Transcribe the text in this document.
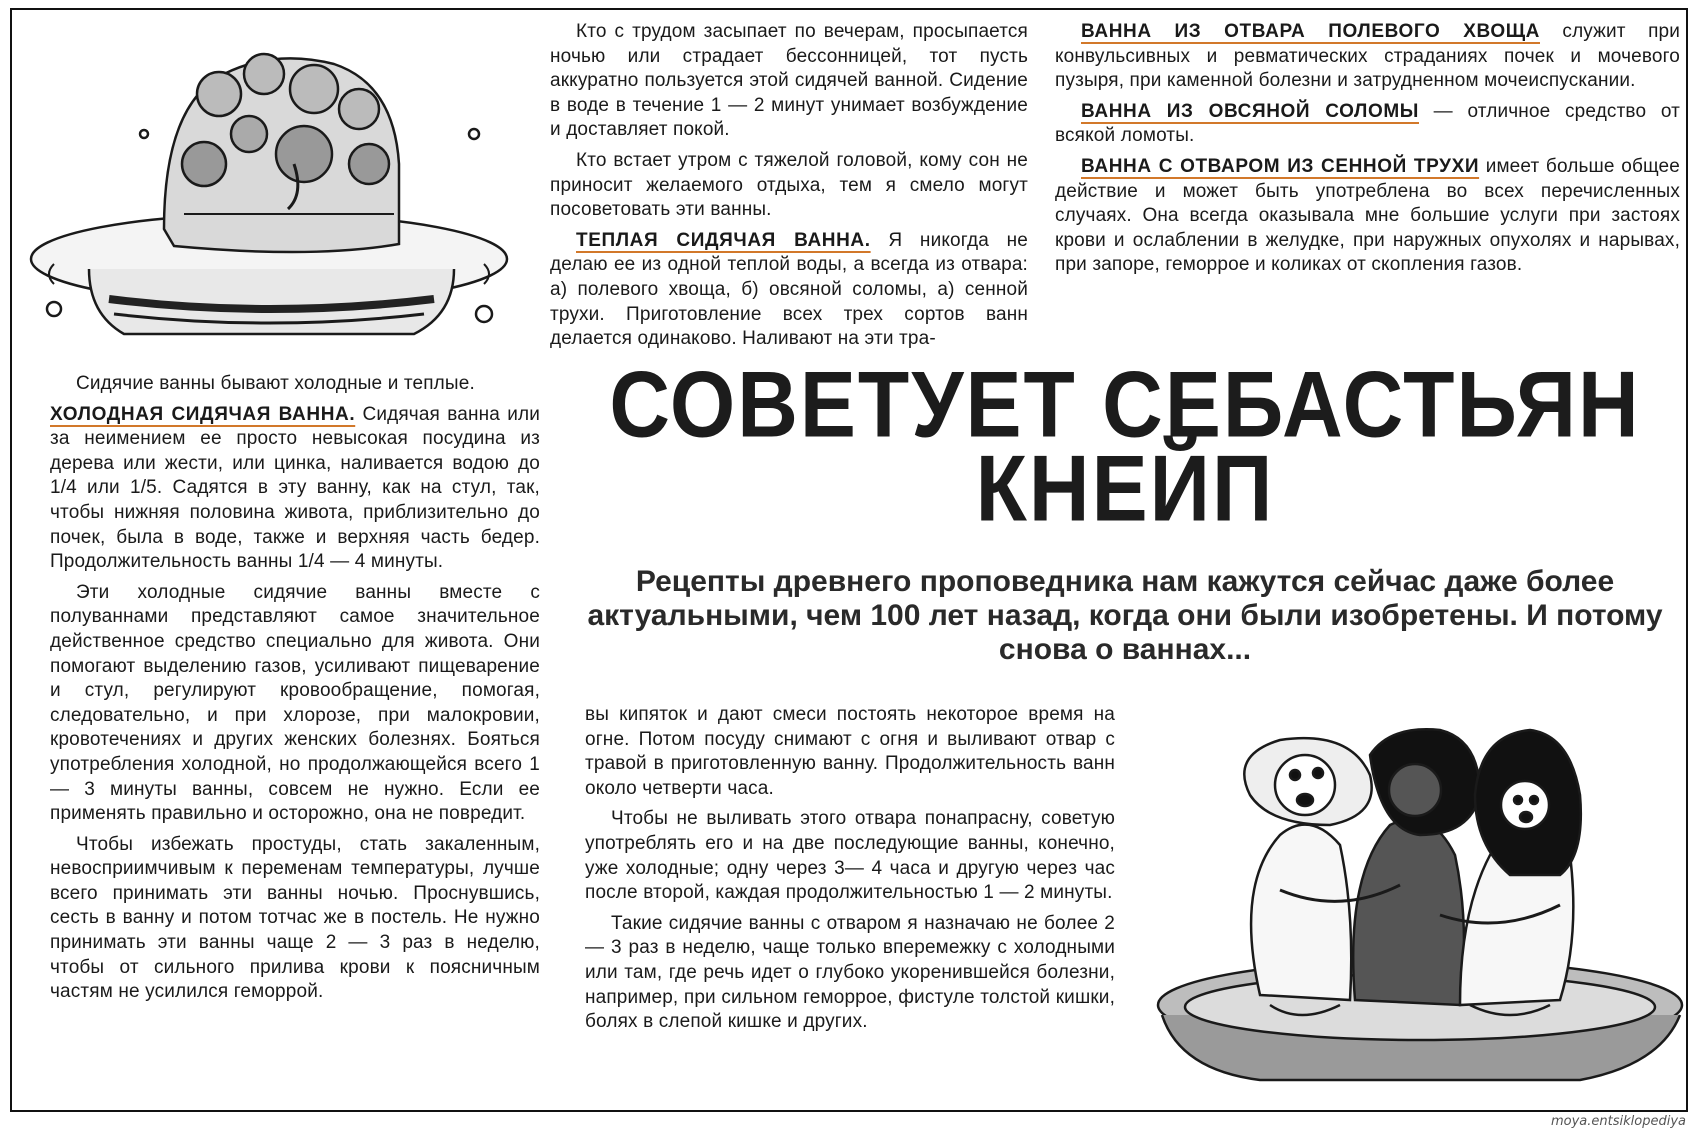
Сидячие ванны бывают холодные и теплые.

ХОЛОДНАЯ СИДЯЧАЯ ВАННА. Сидячая ванна или за неимением ее просто невысокая посудина из дерева или жести, или цинка, наливается водою до 1/4 или 1/5. Садятся в эту ванну, как на стул, так, чтобы нижняя половина живота, приблизительно до почек, была в воде, также и верхняя часть бедер. Продолжительность ванны 1/4 — 4 минуты.

Эти холодные сидячие ванны вместе с полуваннами представляют самое значительное действенное средство специально для живота. Они помогают выделению газов, усиливают пищеварение и стул, регулируют кровообращение, помогая, следовательно, и при хлорозе, при малокровии, кровотечениях и других женских болезнях. Бояться употребления холодной, но продолжающейся всего 1 — 3 минуты ванны, совсем не нужно. Если ее применять правильно и осторожно, она не повредит.

Чтобы избежать простуды, стать закаленным, невосприимчивым к переменам температуры, лучше всего принимать эти ванны ночью. Проснувшись, сесть в ванну и потом тотчас же в постель. Не нужно принимать эти ванны чаще 2 — 3 раз в неделю, чтобы от сильного прилива крови к поясничным частям не усилился геморрой.

Кто с трудом засыпает по вечерам, просыпается ночью или страдает бессонницей, тот пусть аккуратно пользуется этой сидячей ванной. Сидение в воде в течение 1 — 2 минут унимает возбуждение и доставляет покой.

Кто встает утром с тяжелой головой, кому сон не приносит желаемого отдыха, тем я смело могут посоветовать эти ванны.

ТЕПЛАЯ СИДЯЧАЯ ВАННА. Я никогда не делаю ее из одной теплой воды, а всегда из отвара: а) полевого хвоща, б) овсяной соломы, а) сенной трухи. Приготовление всех трех сортов ванн делается одинаково. Наливают на эти тра-

ВАННА ИЗ ОТВАРА ПОЛЕВОГО ХВОЩА служит при конвульсивных и ревматических страданиях почек и мочевого пузыря, при каменной болезни и затрудненном мочеиспускании.

ВАННА ИЗ ОВСЯНОЙ СОЛОМЫ — отличное средство от всякой ломоты.

ВАННА С ОТВАРОМ ИЗ СЕННОЙ ТРУХИ имеет больше общее действие и может быть употреблена во всех перечисленных случаях. Она всегда оказывала мне большие услуги при застоях крови и ослаблении в желудке, при наружных опухолях и нарывах, при запоре, геморрое и коликах от скопления газов.

СОВЕТУЕТ СЕБАСТЬЯН
КНЕЙП
Рецепты древнего проповедника нам кажутся сейчас даже более актуальными, чем 100 лет назад, когда они были изобретены. И потому снова о ваннах...

вы кипяток и дают смеси постоять некоторое время на огне. Потом посуду снимают с огня и выливают отвар с травой в приготовленную ванну. Продолжительность ванн около четверти часа.

Чтобы не выливать этого отвара понапрасну, советую употреблять его и на две последующие ванны, конечно, уже холодные; одну через 3— 4 часа и другую через час после второй, каждая продолжительностью 1 — 2 минуты.

Такие сидячие ванны с отваром я назначаю не более 2 — 3 раз в неделю, чаще только вперемежку с холодными или там, где речь идет о глубоко укоренившейся болезни, например, при сильном геморрое, фистуле толстой кишки, болях в слепой кишке и других.

moya.entsiklopediya
